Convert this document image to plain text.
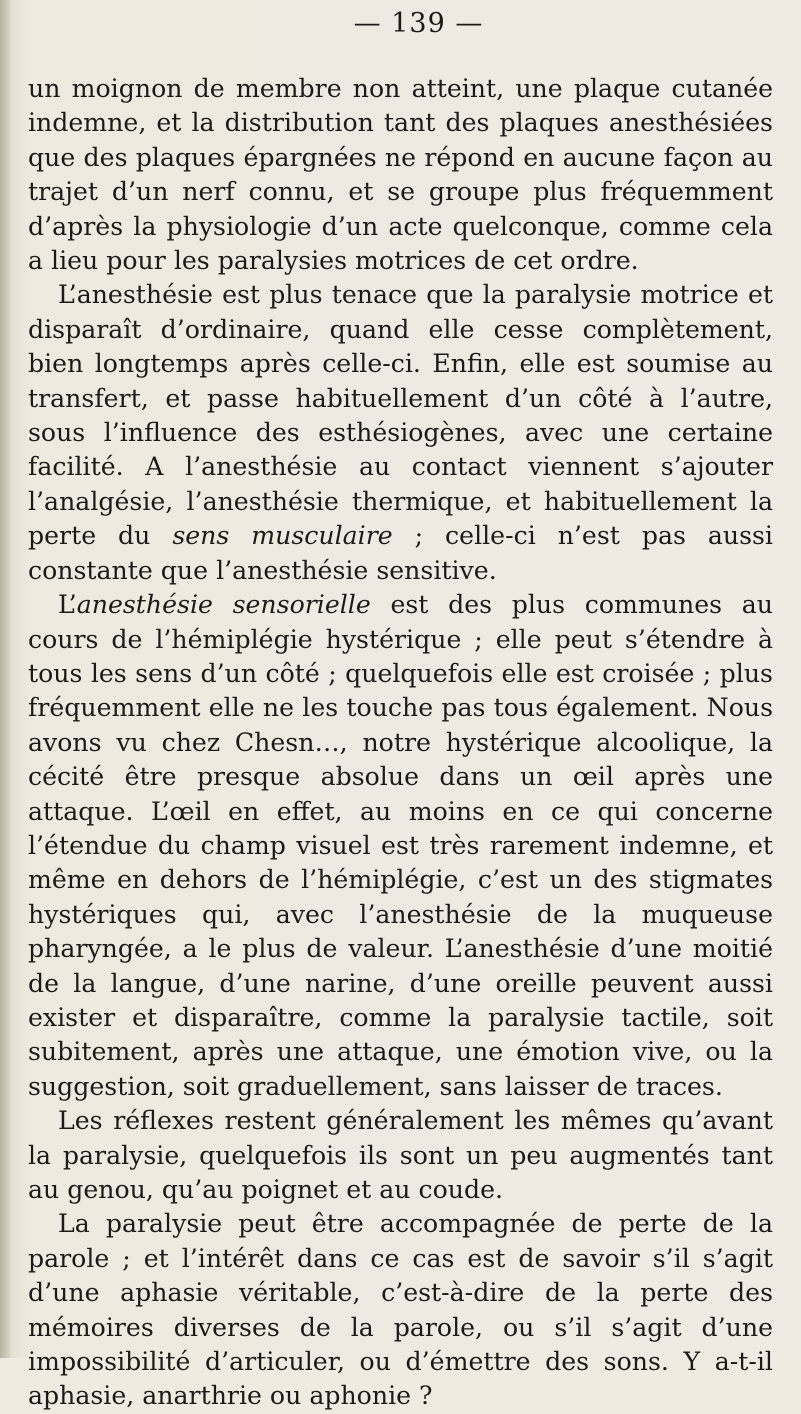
— 139 —

un moignon de membre non atteint, une plaque cutanée indemne, et la distribution tant des plaques anesthésiées que des plaques épargnées ne répond en aucune façon au trajet d’un nerf connu, et se groupe plus fréquemment d’après la physiologie d’un acte quelconque, comme cela a lieu pour les paralysies motrices de cet ordre.

L’anesthésie est plus tenace que la paralysie motrice et disparaît d’ordinaire, quand elle cesse complètement, bien longtemps après celle-ci. Enfin, elle est soumise au transfert, et passe habituellement d’un côté à l’autre, sous l’influence des esthésiogènes, avec une certaine facilité. A l’anesthésie au contact viennent s’ajouter l’analgésie, l’anesthésie thermique, et habituellement la perte du sens musculaire ; celle-ci n’est pas aussi constante que l’anesthésie sensitive.

L’anesthésie sensorielle est des plus communes au cours de l’hémiplégie hystérique ; elle peut s’étendre à tous les sens d’un côté ; quelquefois elle est croisée ; plus fréquemment elle ne les touche pas tous également. Nous avons vu chez Chesn…, notre hystérique alcoolique, la cécité être presque absolue dans un œil après une attaque. L’œil en effet, au moins en ce qui concerne l’étendue du champ visuel est très rarement indemne, et même en dehors de l’hémiplégie, c’est un des stigmates hystériques qui, avec l’anesthésie de la muqueuse pharyngée, a le plus de valeur. L’anesthésie d’une moitié de la langue, d’une narine, d’une oreille peuvent aussi exister et disparaître, comme la paralysie tactile, soit subitement, après une attaque, une émotion vive, ou la suggestion, soit graduellement, sans laisser de traces.

Les réflexes restent généralement les mêmes qu’avant la paralysie, quelquefois ils sont un peu augmentés tant au genou, qu’au poignet et au coude.

La paralysie peut être accompagnée de perte de la parole ; et l’intérêt dans ce cas est de savoir s’il s’agit d’une aphasie véritable, c’est-à-dire de la perte des mémoires diverses de la parole, ou s’il s’agit d’une impossibilité d’articuler, ou d’émettre des sons. Y a-t-il aphasie, anarthrie ou aphonie ?
